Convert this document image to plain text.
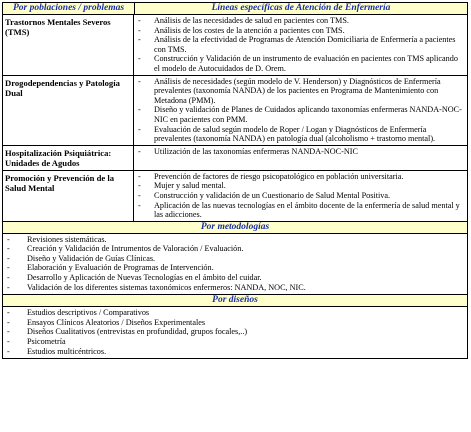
Por poblaciones / problemas	Líneas específicas de Atención de Enfermería
Trastornos Mentales Severos (TMS)
- Análisis de las necesidades de salud en pacientes con TMS.
- Análisis de los costes de la atención a pacientes con TMS.
- Análisis de la efectividad de Programas de Atención Domiciliaria de Enfermería a pacientes con TMS.
- Construcción y Validación de un instrumento de evaluación en pacientes con TMS aplicando el modelo de Autocuidados de D. Orem.
Drogodependencias y Patología Dual
- Análisis de necesidades (según modelo de V. Henderson) y Diagnósticos de Enfermería prevalentes (taxonomía NANDA) de los pacientes en Programa de Mantenimiento con Metadona (PMM).
- Diseño y validación de Planes de Cuidados aplicando taxonomías enfermeras NANDA-NOC-NIC en pacientes con PMM.
- Evaluación de salud según modelo de Roper / Logan y Diagnósticos de Enfermería prevalentes (taxonomía NANDA) en patología dual (alcoholismo + trastorno mental).
Hospitalización Psiquiátrica: Unidades de Agudos
- Utilización de las taxonomías enfermeras NANDA-NOC-NIC
Promoción y Prevención de la Salud Mental
- Prevención de factores de riesgo psicopatológico en población universitaria.
- Mujer y salud mental.
- Construcción y validación de un Cuestionario de Salud Mental Positiva.
- Aplicación de las nuevas tecnologías en el ámbito docente de la enfermería de salud mental y las adicciones.
Por metodologías
- Revisiones sistemáticas.
- Creación y Validación de Intrumentos de Valoración / Evaluación.
- Diseño y Validación de Guías Clínicas.
- Elaboración y Evaluación de Programas de Intervención.
- Desarrollo y Aplicación de Nuevas Tecnologías en el ámbito del cuidar.
- Validación de los diferentes sistemas taxonómicos enfermeros: NANDA, NOC, NIC.
Por diseños
- Estudios descriptivos / Comparativos
- Ensayos Clínicos Aleatorios / Diseños Experimentales
- Diseños Cualitativos (entrevistas en profundidad, grupos focales,..)
- Psicometría
- Estudios multicéntricos.
